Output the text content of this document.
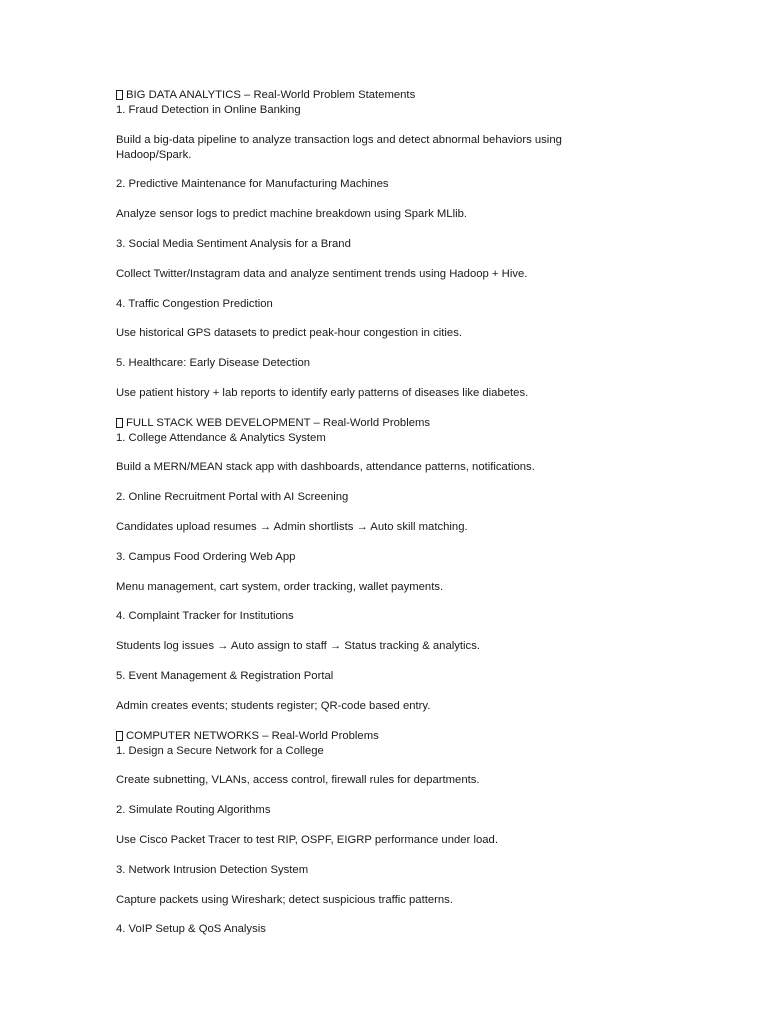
BIG DATA ANALYTICS – Real-World Problem Statements

1. Fraud Detection in Online Banking

Build a big-data pipeline to analyze transaction logs and detect abnormal behaviors using Hadoop/Spark.

2. Predictive Maintenance for Manufacturing Machines

Analyze sensor logs to predict machine breakdown using Spark MLlib.

3. Social Media Sentiment Analysis for a Brand

Collect Twitter/Instagram data and analyze sentiment trends using Hadoop + Hive.

4. Traffic Congestion Prediction

Use historical GPS datasets to predict peak-hour congestion in cities.

5. Healthcare: Early Disease Detection

Use patient history + lab reports to identify early patterns of diseases like diabetes.

FULL STACK WEB DEVELOPMENT – Real-World Problems

1. College Attendance & Analytics System

Build a MERN/MEAN stack app with dashboards, attendance patterns, notifications.

2. Online Recruitment Portal with AI Screening

Candidates upload resumes → Admin shortlists → Auto skill matching.

3. Campus Food Ordering Web App

Menu management, cart system, order tracking, wallet payments.

4. Complaint Tracker for Institutions

Students log issues → Auto assign to staff → Status tracking & analytics.

5. Event Management & Registration Portal

Admin creates events; students register; QR-code based entry.

COMPUTER NETWORKS – Real-World Problems

1. Design a Secure Network for a College

Create subnetting, VLANs, access control, firewall rules for departments.

2. Simulate Routing Algorithms

Use Cisco Packet Tracer to test RIP, OSPF, EIGRP performance under load.

3. Network Intrusion Detection System

Capture packets using Wireshark; detect suspicious traffic patterns.

4. VoIP Setup & QoS Analysis
